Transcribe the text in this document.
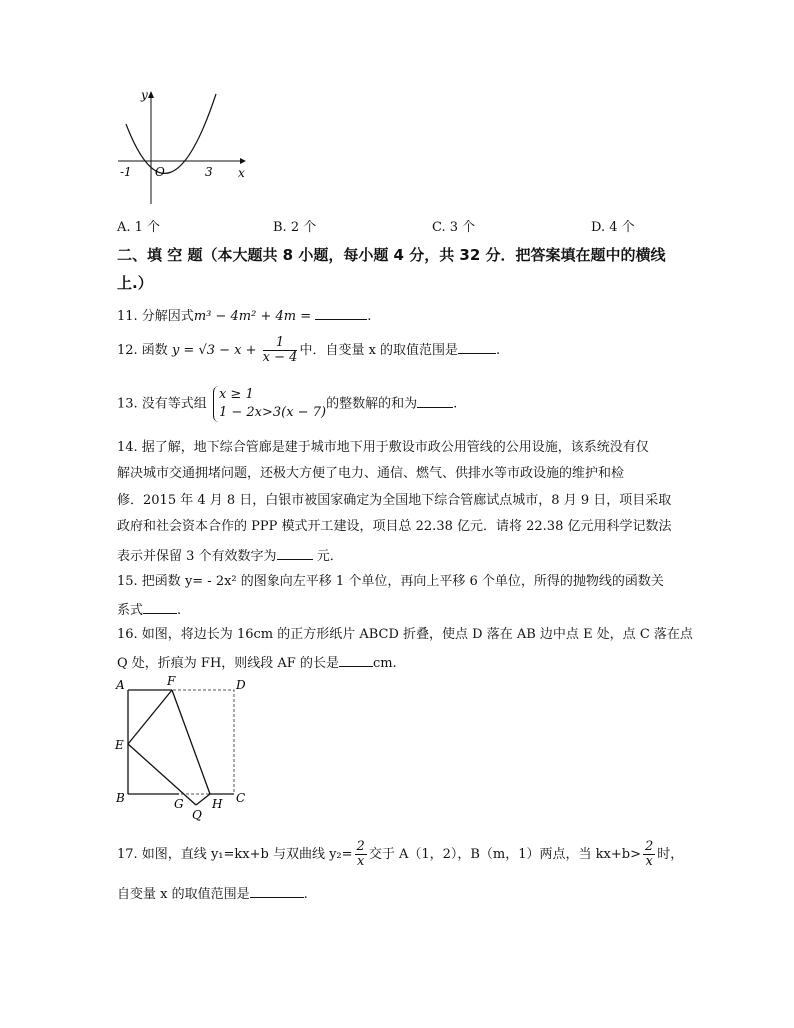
y
x
O
-1	3
A. 1 个	B. 2 个	C. 3 个	D. 4 个
二、填 空 题（本大题共 8 小题，每小题 4 分，共 32 分．把答案填在题中的横线
上.）
11. 分解因式m³ − 4m² + 4m =	.
12. 函数 $y = √3 - x + \frac{1}{x - 4}$ 中．自变量 x 的取值范围是	.
13. 没有等式组
x ≥ 1
1 − 2x>3(x − 7)
的整数解的和为	.
14. 据了解，地下综合管廊是建于城市地下用于敷设市政公用管线的公用设施，该系统没有仅
解决城市交通拥堵问题，还极大方便了电力、通信、燃气、供排水等市政设施的维护和检
修．2015 年 4 月 8 日，白银市被国家确定为全国地下综合管廊试点城市，8 月 9 日，项目采取
政府和社会资本合作的 PPP 模式开工建设，项目总 22.38 亿元．请将 22.38 亿元用科学记数法
表示并保留 3 个有效数字为	元．
15. 把函数 y= - 2x² 的图象向左平移 1 个单位，再向上平移 6 个单位，所得的抛物线的函数关
系式	.
16. 如图，将边长为 16cm 的正方形纸片 ABCD 折叠，使点 D 落在 AB 边中点 E 处，点 C 落在点
Q 处，折痕为 FH，则线段 AF 的长是	cm.
A	F	D
E
B	G	C
H
Q
17. 如图，直线 y₁=kx+b 与双曲线 $y_2= \frac{2}{x}$ 交于 A（1，2），B（m，1）两点，当 $kx+b> \frac{2}{x}$ 时，
自变量 x 的取值范围是	.
